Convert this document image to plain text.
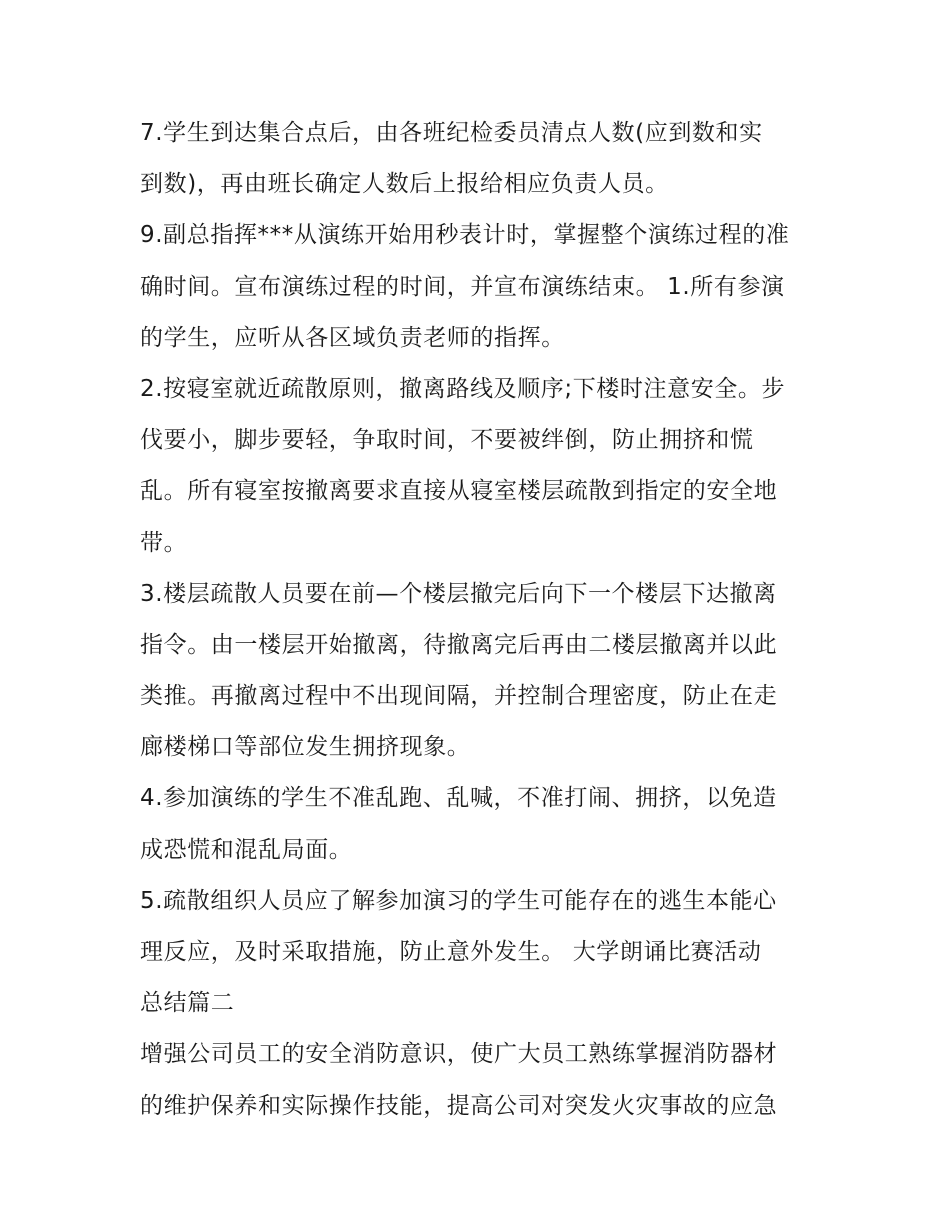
7.学生到达集合点后，由各班纪检委员清点人数(应到数和实
到数)，再由班长确定人数后上报给相应负责人员。
9.副总指挥***从演练开始用秒表计时，掌握整个演练过程的准
确时间。宣布演练过程的时间，并宣布演练结束。 1.所有参演
的学生，应听从各区域负责老师的指挥。
2.按寝室就近疏散原则，撤离路线及顺序;下楼时注意安全。步
伐要小，脚步要轻，争取时间，不要被绊倒，防止拥挤和慌
乱。所有寝室按撤离要求直接从寝室楼层疏散到指定的安全地
带。
3.楼层疏散人员要在前—个楼层撤完后向下一个楼层下达撤离
指令。由一楼层开始撤离，待撤离完后再由二楼层撤离并以此
类推。再撤离过程中不出现间隔，并控制合理密度，防止在走
廊楼梯口等部位发生拥挤现象。
4.参加演练的学生不准乱跑、乱喊，不准打闹、拥挤，以免造
成恐慌和混乱局面。
5.疏散组织人员应了解参加演习的学生可能存在的逃生本能心
理反应，及时采取措施，防止意外发生。 大学朗诵比赛活动
总结篇二
增强公司员工的安全消防意识，使广大员工熟练掌握消防器材
的维护保养和实际操作技能，提高公司对突发火灾事故的应急
